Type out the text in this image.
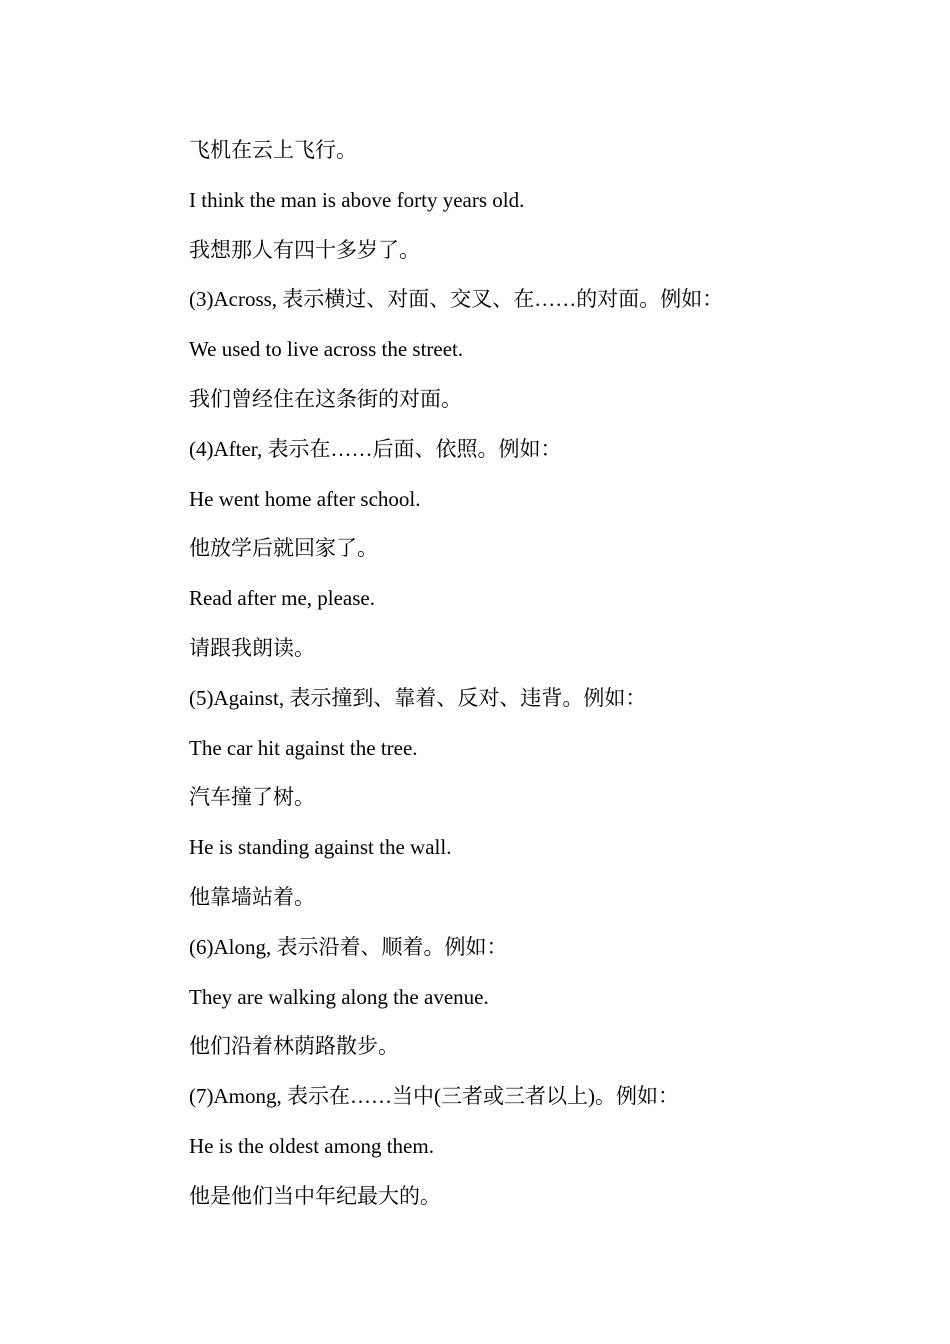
飞机在云上飞行。
I think the man is above forty years old.
我想那人有四十多岁了。
(3)Across, 表示横过、对面、交叉、在……的对面。例如：
We used to live across the street.
我们曾经住在这条街的对面。
(4)After, 表示在……后面、依照。例如：
He went home after school.
他放学后就回家了。
Read after me, please.
请跟我朗读。
(5)Against, 表示撞到、靠着、反对、违背。例如：
The car hit against the tree.
汽车撞了树。
He is standing against the wall.
他靠墙站着。
(6)Along, 表示沿着、顺着。例如：
They are walking along the avenue.
他们沿着林荫路散步。
(7)Among, 表示在……当中(三者或三者以上)。例如：
He is the oldest among them.
他是他们当中年纪最大的。
